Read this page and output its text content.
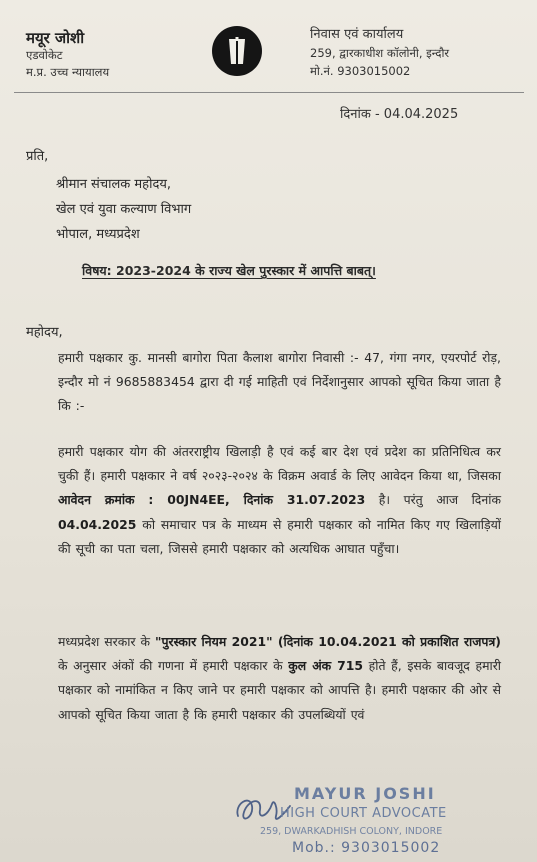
मयूर जोशी
एडवोकेट
म.प्र. उच्च न्यायालय
निवास एवं कार्यालय
259, द्वारकाधीश कॉलोनी, इन्दौर
मो.नं. 9303015002
दिनांक - 04.04.2025
प्रति,
श्रीमान संचालक महोदय,
खेल एवं युवा कल्याण विभाग
भोपाल, मध्यप्रदेश
विषय: 2023-2024 के राज्य खेल पुरस्कार में आपत्ति बाबत्।
महोदय,
हमारी पक्षकार कु. मानसी बागोरा पिता कैलाश बागोरा निवासी :- 47, गंगा नगर, एयरपोर्ट रोड़, इन्दौर मो नं 9685883454 द्वारा दी गई माहिती एवं निर्देशानुसार आपको सूचित किया जाता है कि :-
हमारी पक्षकार योग की अंतरराष्ट्रीय खिलाड़ी है एवं कई बार देश एवं प्रदेश का प्रतिनिधित्व कर चुकी हैं। हमारी पक्षकार ने वर्ष २०२३-२०२४ के विक्रम अवार्ड के लिए आवेदन किया था, जिसका आवेदन क्रमांक : 00JN4EE, दिनांक 31.07.2023 है। परंतु आज दिनांक 04.04.2025 को समाचार पत्र के माध्यम से हमारी पक्षकार को नामित किए गए खिलाड़ियों की सूची का पता चला, जिससे हमारी पक्षकार को अत्यधिक आघात पहुँचा।
मध्यप्रदेश सरकार के "पुरस्कार नियम 2021" (दिनांक 10.04.2021 को प्रकाशित राजपत्र) के अनुसार अंकों की गणना में हमारी पक्षकार के कुल अंक 715 होते हैं, इसके बावजूद हमारी पक्षकार को नामांकित न किए जाने पर हमारी पक्षकार को आपत्ति है। हमारी पक्षकार की ओर से आपको सूचित किया जाता है कि हमारी पक्षकार की उपलब्धियों एवं
MAYUR JOSHI
HIGH COURT ADVOCATE
259, DWARKADHISH COLONY, INDORE
Mob.: 9303015002
